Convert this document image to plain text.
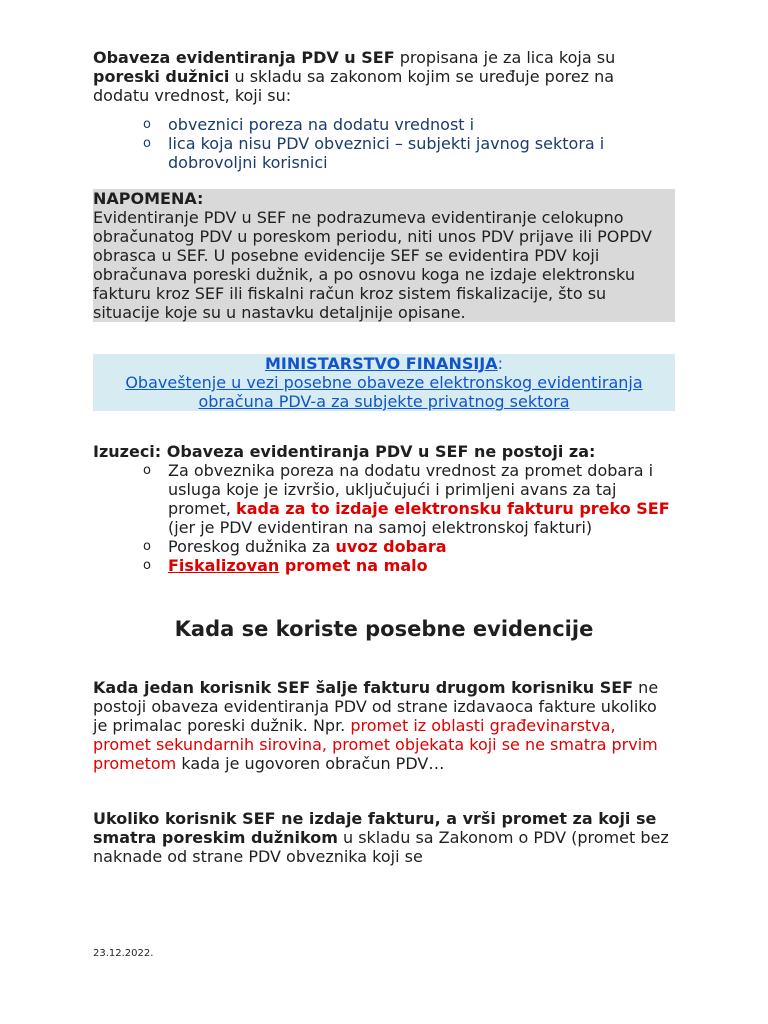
Obaveza evidentiranja PDV u SEF propisana je za lica koja su poreski dužnici u skladu sa zakonom kojim se uređuje porez na dodatu vrednost, koji su:

o obveznici poreza na dodatu vrednost i
o lica koja nisu PDV obveznici – subjekti javnog sektora i dobrovoljni korisnici
NAPOMENA:
Evidentiranje PDV u SEF ne podrazumeva evidentiranje celokupno obračunatog PDV u poreskom periodu, niti unos PDV prijave ili POPDV obrasca u SEF. U posebne evidencije SEF se evidentira PDV koji obračunava poreski dužnik, a po osnovu koga ne izdaje elektronsku fakturu kroz SEF ili fiskalni račun kroz sistem fiskalizacije, što su situacije koje su u nastavku detaljnije opisane.
MINISTARSTVO FINANSIJA:
Obaveštenje u vezi posebne obaveze elektronskog evidentiranja obračuna PDV-a za subjekte privatnog sektora

Izuzeci: Obaveza evidentiranja PDV u SEF ne postoji za:

o Za obveznika poreza na dodatu vrednost za promet dobara i usluga koje je izvršio, uključujući i primljeni avans za taj promet, kada za to izdaje elektronsku fakturu preko SEF (jer je PDV evidentiran na samoj elektronskoj fakturi)
o Poreskog dužnika za uvoz dobara
o Fiskalizovan promet na malo
Kada se koriste posebne evidencije

Kada jedan korisnik SEF šalje fakturu drugom korisniku SEF ne postoji obaveza evidentiranja PDV od strane izdavaoca fakture ukoliko je primalac poreski dužnik. Npr. promet iz oblasti građevinarstva, promet sekundarnih sirovina, promet objekata koji se ne smatra prvim prometom kada je ugovoren obračun PDV…

Ukoliko korisnik SEF ne izdaje fakturu, a vrši promet za koji se smatra poreskim dužnikom u skladu sa Zakonom o PDV (promet bez naknade od strane PDV obveznika koji se

23.12.2022.
